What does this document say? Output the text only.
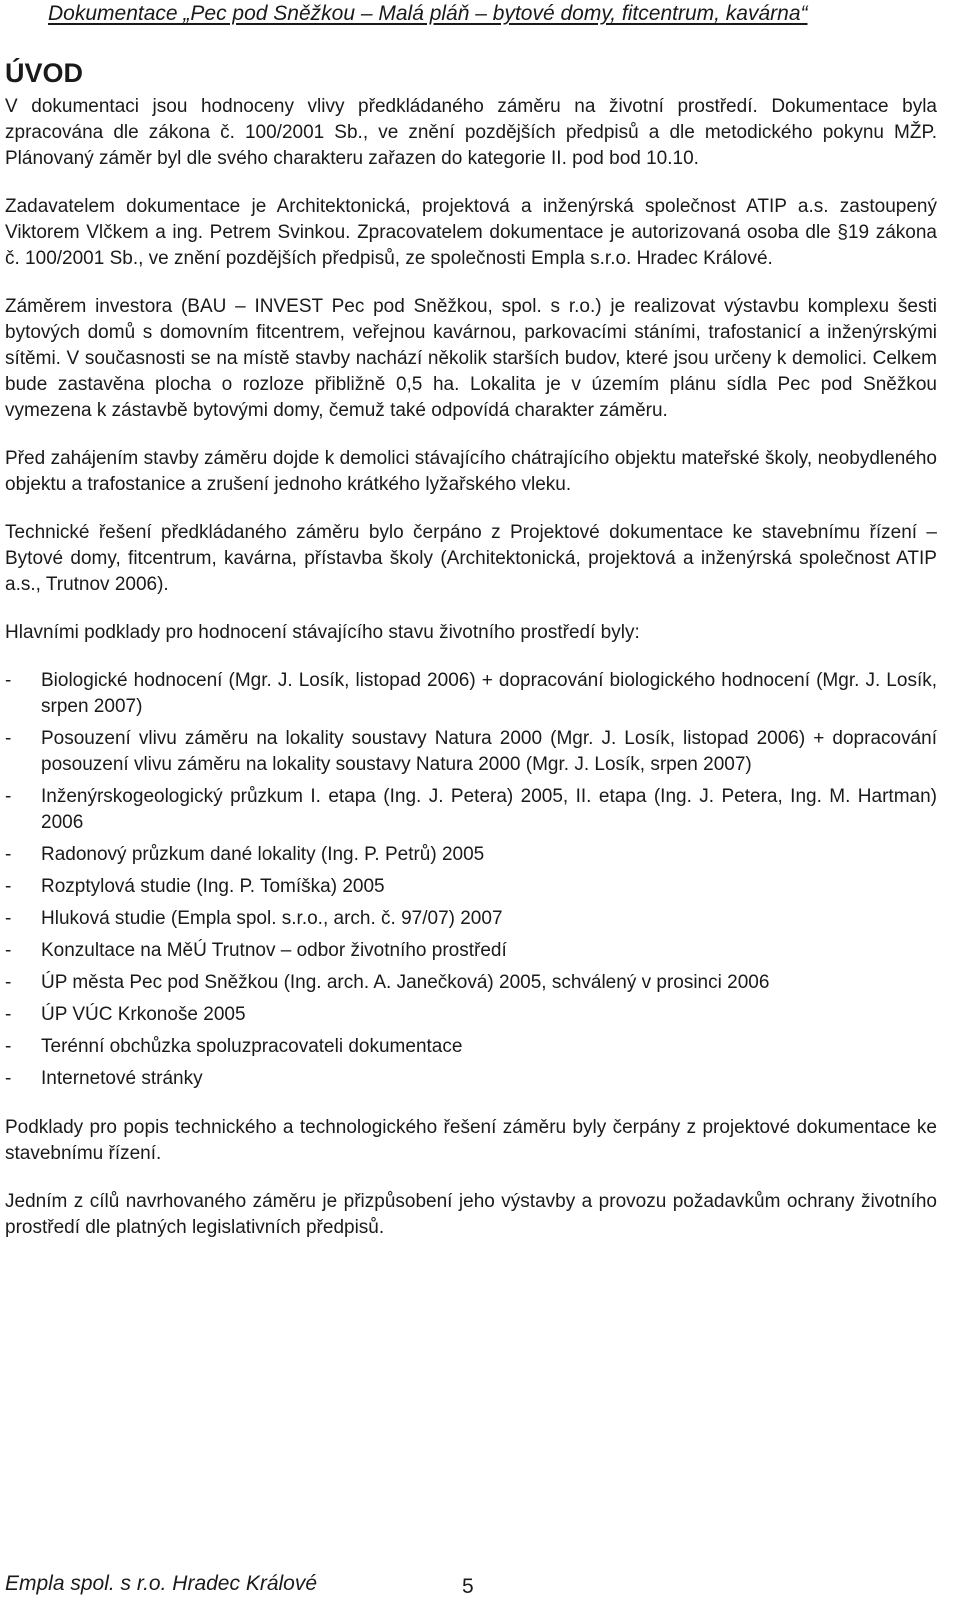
Dokumentace „Pec pod Sněžkou – Malá pláň – bytové domy, fitcentrum, kavárna“
ÚVOD

V dokumentaci jsou hodnoceny vlivy předkládaného záměru na životní prostředí. Dokumentace byla zpracována dle zákona č. 100/2001 Sb., ve znění pozdějších předpisů a dle metodického pokynu MŽP. Plánovaný záměr byl dle svého charakteru zařazen do kategorie II. pod bod 10.10.

Zadavatelem dokumentace je Architektonická, projektová a inženýrská společnost ATIP a.s. zastoupený Viktorem Vlčkem a ing. Petrem Svinkou. Zpracovatelem dokumentace je autorizovaná osoba dle §19 zákona č. 100/2001 Sb., ve znění pozdějších předpisů, ze společnosti Empla s.r.o. Hradec Králové.

Záměrem investora (BAU – INVEST Pec pod Sněžkou, spol. s r.o.) je realizovat výstavbu komplexu šesti bytových domů s domovním fitcentrem, veřejnou kavárnou, parkovacími stáními, trafostanicí a inženýrskými sítěmi. V současnosti se na místě stavby nachází několik starších budov, které jsou určeny k demolici. Celkem bude zastavěna plocha o rozloze přibližně 0,5 ha. Lokalita je v územím plánu sídla Pec pod Sněžkou vymezena k zástavbě bytovými domy, čemuž také odpovídá charakter záměru.

Před zahájením stavby záměru dojde k demolici stávajícího chátrajícího objektu mateřské školy, neobydleného objektu a trafostanice a zrušení jednoho krátkého lyžařského vleku.

Technické řešení předkládaného záměru bylo čerpáno z Projektové dokumentace ke stavebnímu řízení – Bytové domy, fitcentrum, kavárna, přístavba školy (Architektonická, projektová a inženýrská společnost ATIP a.s., Trutnov 2006).

Hlavními podklady pro hodnocení stávajícího stavu životního prostředí byly:

- Biologické hodnocení (Mgr. J. Losík, listopad 2006) + dopracování biologického hodnocení (Mgr. J. Losík, srpen 2007)
- Posouzení vlivu záměru na lokality soustavy Natura 2000 (Mgr. J. Losík, listopad 2006) + dopracování posouzení vlivu záměru na lokality soustavy Natura 2000 (Mgr. J. Losík, srpen 2007)
- Inženýrskogeologický průzkum I. etapa (Ing. J. Petera) 2005, II. etapa (Ing. J. Petera, Ing. M. Hartman) 2006
- Radonový průzkum dané lokality (Ing. P. Petrů) 2005
- Rozptylová studie (Ing. P. Tomíška) 2005
- Hluková studie (Empla spol. s.r.o., arch. č. 97/07) 2007
- Konzultace na MěÚ Trutnov – odbor životního prostředí
- ÚP města Pec pod Sněžkou (Ing. arch. A. Janečková) 2005, schválený v prosinci 2006
- ÚP VÚC Krkonoše 2005
- Terénní obchůzka spoluzpracovateli dokumentace
- Internetové stránky

Podklady pro popis technického a technologického řešení záměru byly čerpány z projektové dokumentace ke stavebnímu řízení.

Jedním z cílů navrhovaného záměru je přizpůsobení jeho výstavby a provozu požadavkům ochrany životního prostředí dle platných legislativních předpisů.

Empla spol. s r.o. Hradec Králové	5
